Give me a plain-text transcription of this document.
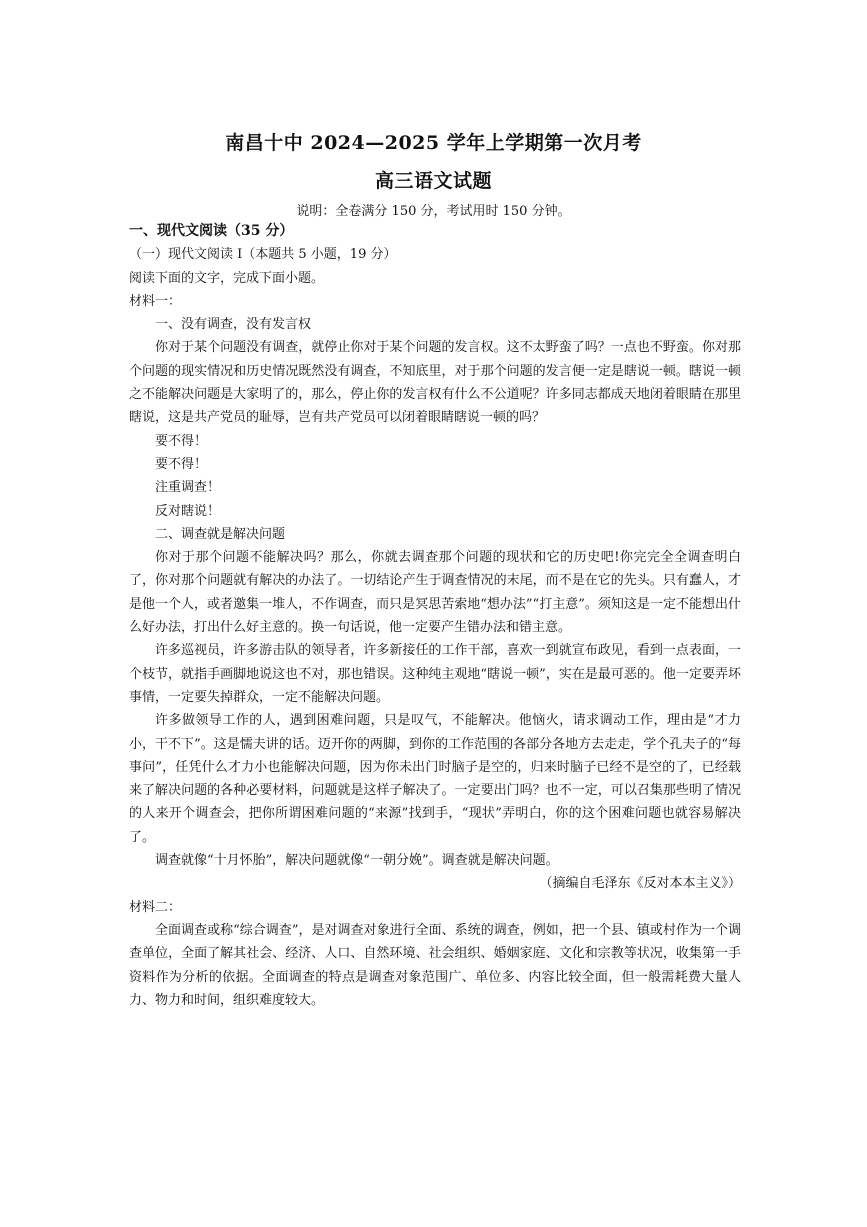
南昌十中 2024—2025 学年上学期第一次月考
高三语文试题
说明：全卷满分 150 分，考试用时 150 分钟。

一、现代文阅读（35 分）

（一）现代文阅读 I（本题共 5 小题，19 分）

阅读下面的文字，完成下面小题。

材料一：

一、没有调查，没有发言权

你对于某个问题没有调查，就停止你对于某个问题的发言权。这不太野蛮了吗？一点也不野蛮。你对那个问题的现实情况和历史情况既然没有调查，不知底里，对于那个问题的发言便一定是瞎说一顿。瞎说一顿之不能解决问题是大家明了的，那么，停止你的发言权有什么不公道呢？许多同志都成天地闭着眼睛在那里瞎说，这是共产党员的耻辱，岂有共产党员可以闭着眼睛瞎说一顿的吗？

要不得！

要不得！

注重调查！

反对瞎说！

二、调查就是解决问题

你对于那个问题不能解决吗？那么，你就去调查那个问题的现状和它的历史吧!你完完全全调查明白了，你对那个问题就有解决的办法了。一切结论产生于调查情况的末尾，而不是在它的先头。只有蠢人，才是他一个人，或者邀集一堆人，不作调查，而只是冥思苦索地“想办法”“打主意”。须知这是一定不能想出什么好办法，打出什么好主意的。换一句话说，他一定要产生错办法和错主意。

许多巡视员，许多游击队的领导者，许多新接任的工作干部，喜欢一到就宣布政见，看到一点表面，一个枝节，就指手画脚地说这也不对，那也错误。这种纯主观地“瞎说一顿”，实在是最可恶的。他一定要弄坏事情，一定要失掉群众，一定不能解决问题。

许多做领导工作的人，遇到困难问题，只是叹气，不能解决。他恼火，请求调动工作，理由是“才力小，干不下”。这是懦夫讲的话。迈开你的两脚，到你的工作范围的各部分各地方去走走，学个孔夫子的“每事问”，任凭什么才力小也能解决问题，因为你未出门时脑子是空的，归来时脑子已经不是空的了，已经载来了解决问题的各种必要材料，问题就是这样子解决了。一定要出门吗？也不一定，可以召集那些明了情况的人来开个调查会，把你所谓困难问题的“来源”找到手，“现状”弄明白，你的这个困难问题也就容易解决了。

调查就像“十月怀胎”，解决问题就像“一朝分娩”。调查就是解决问题。

（摘编自毛泽东《反对本本主义》）

材料二：

全面调查或称“综合调查”，是对调查对象进行全面、系统的调查，例如，把一个县、镇或村作为一个调查单位，全面了解其社会、经济、人口、自然环境、社会组织、婚姻家庭、文化和宗教等状况，收集第一手资料作为分析的依据。全面调查的特点是调查对象范围广、单位多、内容比较全面，但一般需耗费大量人力、物力和时间，组织难度较大。
